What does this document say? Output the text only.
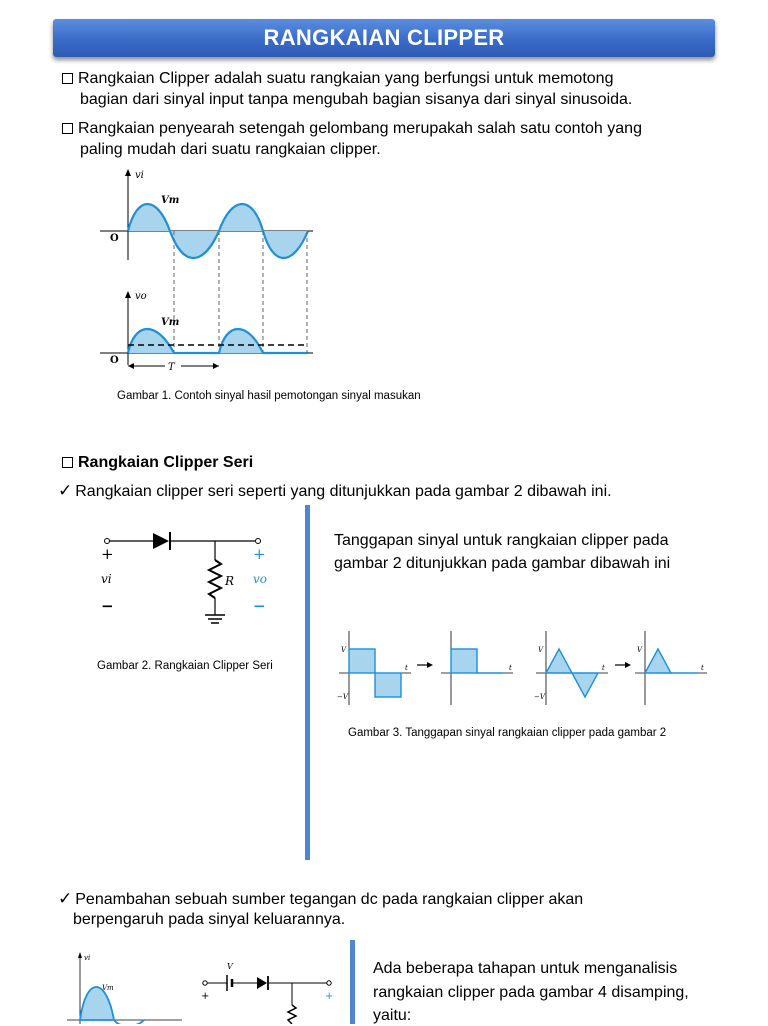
RANGKAIAN CLIPPER
Rangkaian Clipper adalah suatu rangkaian yang berfungsi untuk memotong
bagian dari sinyal input tanpa mengubah bagian sisanya dari sinyal sinusoida.
Rangkaian penyearah setengah gelombang merupakah salah satu contoh yang
paling mudah dari suatu rangkaian clipper.
vi
Vm
O
vo
Vm
O
T
Gambar 1. Contoh sinyal hasil pemotongan sinyal masukan
Rangkaian Clipper Seri
✓ Rangkaian clipper seri seperti yang ditunjukkan pada gambar 2 dibawah ini.
+
vi
−
R
+
vo
−
Gambar 2. Rangkaian Clipper Seri
Tanggapan sinyal untuk rangkaian clipper pada
gambar 2 ditunjukkan pada gambar dibawah ini
V
−V
t	t
V
−V
t
V
t
Gambar 3. Tanggapan sinyal rangkaian clipper pada gambar 2
✓ Penambahan sebuah sumber tegangan dc pada rangkaian clipper akan
berpengaruh pada sinyal keluarannya.
vi
Vm
V
+	+
Ada beberapa tahapan untuk menganalisis
rangkaian clipper pada gambar 4 disamping,
yaitu:
